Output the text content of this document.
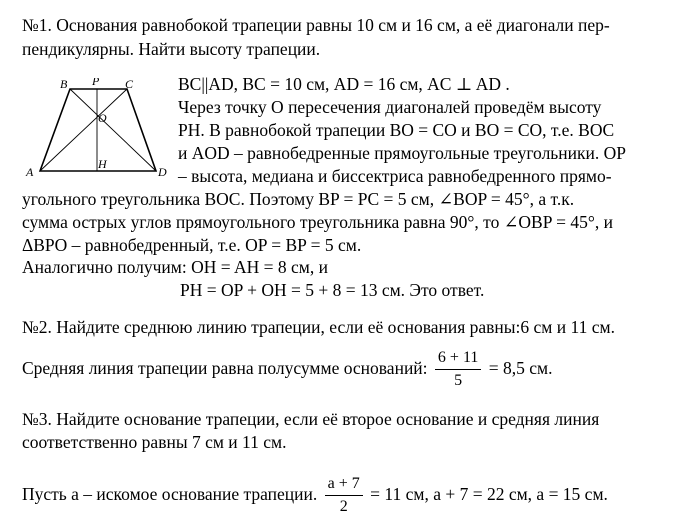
№1. Основания равнобокой трапеции равны 10 см и 16 см, а её диагонали пер-
пендикулярны. Найти высоту трапеции.
B P C
O
A
H
D
BC||AD, BC = 10 см, AD = 16 см, AC ⊥ AD .
Через точку O пересечения диагоналей проведём высоту
PH. В равнобокой трапеции BO = CO и BO = CO, т.е. BOC
и AOD – равнобедренные прямоугольные треугольники. OP
– высота, медиана и биссектриса равнобедренного прямо-
угольного треугольника BOC. Поэтому BP = PC = 5 см, ∠BOP = 45°, а т.к.
сумма острых углов прямоугольного треугольника равна 90°, то ∠OBP = 45°, и
ΔBPO – равнобедренный, т.е. OP = BP = 5 см.
Аналогично получим: OH = AH = 8 см, и
PH = OP + OH = 5 + 8 = 13 см. Это ответ.
№2. Найдите среднюю линию трапеции, если её основания равны:6 см и 11 см.
Средняя линия трапеции равна полусумме оснований: $\frac{6 + 11}{5} = 8,5$ см.
№3. Найдите основание трапеции, если её второе основание и средняя линия
соответственно равны 7 см и 11 см.
Пусть a – искомое основание трапеции. $\frac{a + 7}{2} = 11$ см, a + 7 = 22 см, a = 15 см.
